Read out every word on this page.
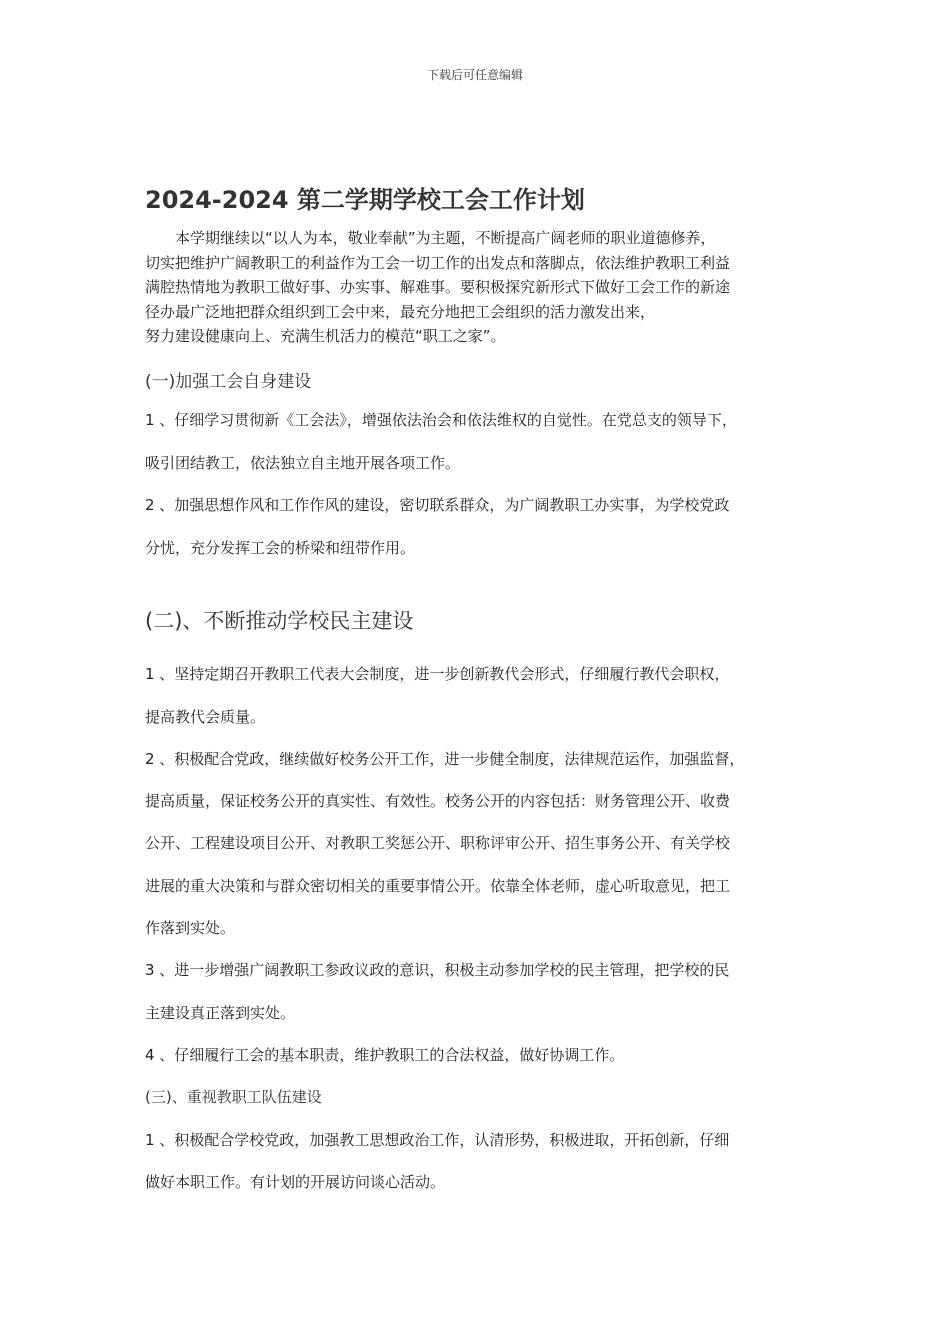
下载后可任意编辑
2024-2024 第二学期学校工会工作计划
本学期继续以“以人为本，敬业奉献”为主题，不断提高广阔老师的职业道德修养，
切实把维护广阔教职工的利益作为工会一切工作的出发点和落脚点，依法维护教职工利益
满腔热情地为教职工做好事、办实事、解难事。要积极探究新形式下做好工会工作的新途
径办最广泛地把群众组织到工会中来，最充分地把工会组织的活力激发出来，
努力建设健康向上、充满生机活力的模范“职工之家”。
(一)加强工会自身建设
1 、仔细学习贯彻新《工会法》，增强依法治会和依法维权的自觉性。在党总支的领导下，
吸引团结教工，依法独立自主地开展各项工作。
2 、加强思想作风和工作作风的建设，密切联系群众，为广阔教职工办实事，为学校党政
分忧，充分发挥工会的桥梁和纽带作用。
(二)、不断推动学校民主建设
1 、坚持定期召开教职工代表大会制度，进一步创新教代会形式，仔细履行教代会职权，
提高教代会质量。
2 、积极配合党政，继续做好校务公开工作，进一步健全制度，法律规范运作，加强监督，
提高质量，保证校务公开的真实性、有效性。校务公开的内容包括：财务管理公开、收费
公开、工程建设项目公开、对教职工奖惩公开、职称评审公开、招生事务公开、有关学校
进展的重大决策和与群众密切相关的重要事情公开。依靠全体老师，虚心听取意见，把工
作落到实处。
3 、进一步增强广阔教职工参政议政的意识，积极主动参加学校的民主管理，把学校的民
主建设真正落到实处。
4 、仔细履行工会的基本职责，维护教职工的合法权益，做好协调工作。
(三)、重视教职工队伍建设
1 、积极配合学校党政，加强教工思想政治工作，认清形势，积极进取，开拓创新，仔细
做好本职工作。有计划的开展访问谈心活动。
